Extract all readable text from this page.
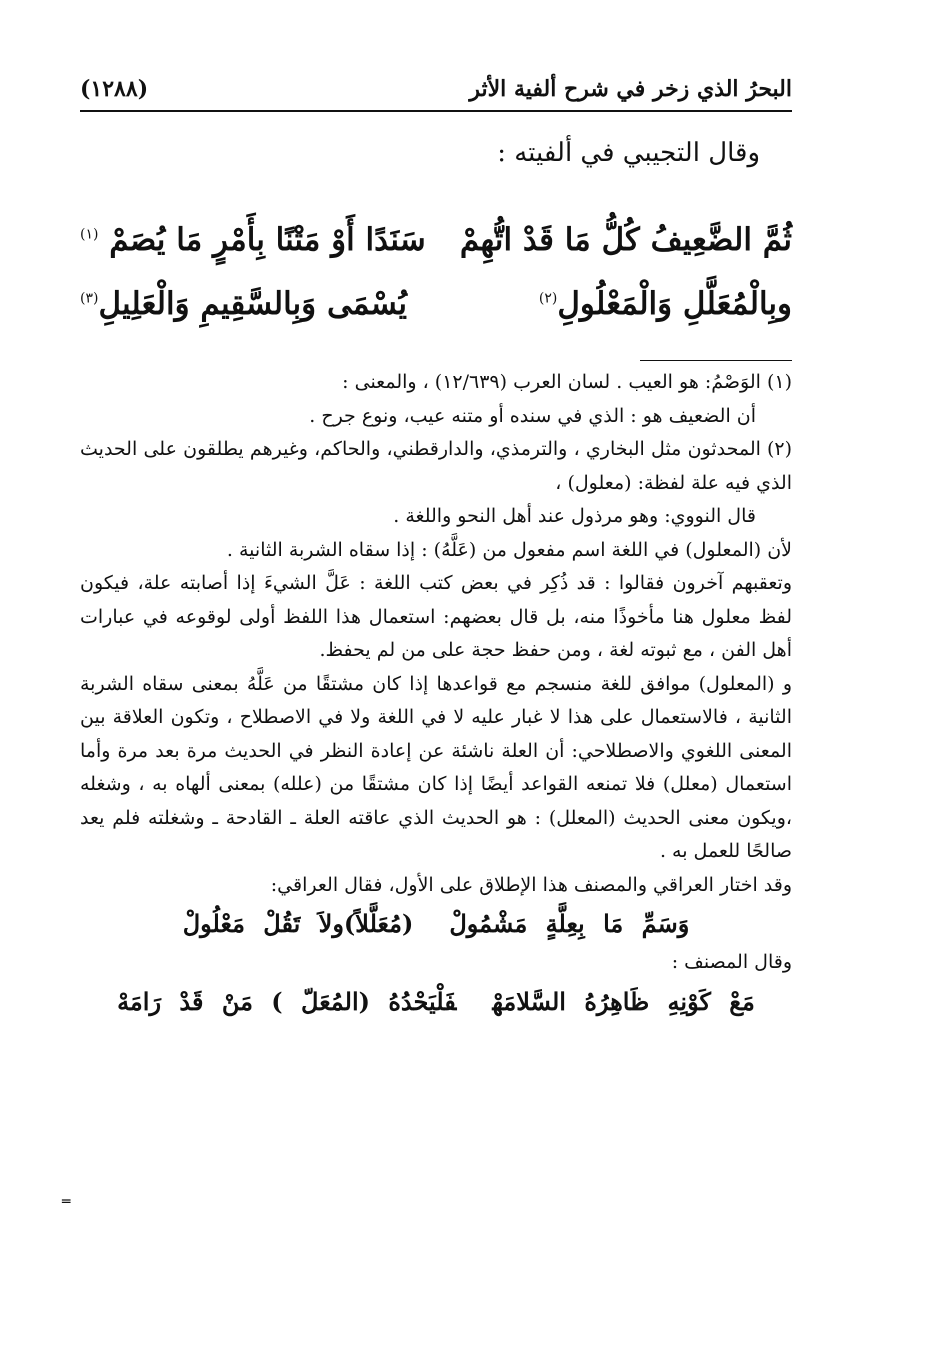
(١٢٨٨)	البحرُ الذي زخر في شرح ألفية الأثر
وقال التجيبي في ألفيته :
ثُمَّ الضَّعِيفُ كُلُّ مَا قَدْ اتُّهِمْ
سَنَدًا أَوْ مَتْنًا بِأَمْرٍ مَا يُصَمْ $^{(١)}$
وبِالْمُعَلَّلِ وَالْمَعْلُولِ$^{(٢)}$
يُسْمَى وَبِالسَّقِيمِ وَالْعَلِيلِ$^{(٣)}$

(١)الوَصْمُ: هو العيب . لسان العرب (١٢/٦٣٩) ، والمعنى :

أن الضعيف هو : الذي في سنده أو متنه عيب، ونوع جرح .

(٢)المحدثون مثل البخاري ، والترمذي، والدارقطني، والحاكم، وغيرهم يطلقون على الحديث الذي فيه علة لفظة: (معلول) ،

قال النووي: وهو مرذول عند أهل النحو واللغة .

لأن (المعلول) في اللغة اسم مفعول من (عَلَّهُ) : إذا سقاه الشربة الثانية .

وتعقبهم آخرون فقالوا : قد ذُكِر في بعض كتب اللغة : عَلَّ الشيءَ إذا أصابته علة، فيكون لفظ معلول هنا مأخوذًا منه، بل قال بعضهم: استعمال هذا اللفظ أولى لوقوعه في عبارات أهل الفن ، مع ثبوته لغة ، ومن حفظ حجة على من لم يحفظ.

و (المعلول) موافق للغة منسجم مع قواعدها إذا كان مشتقًا من عَلَّهُ بمعنى سقاه الشربة الثانية ، فالاستعمال على هذا لا غبار عليه لا في اللغة ولا في الاصطلاح ، وتكون العلاقة بين المعنى اللغوي والاصطلاحي: أن العلة ناشئة عن إعادة النظر في الحديث مرة بعد مرة وأما استعمال (معلل) فلا تمنعه القواعد أيضًا إذا كان مشتقًا من (علله) بمعنى ألهاه به ، وشغله ،ويكون معنى الحديث (المعلل) : هو الحديث الذي عاقته العلة ـ القادحة ـ وشغلته فلم يعد صالحًا للعمل به .

وقد اختار العراقي والمصنف هذا الإطلاق على الأول، فقال العراقي:

وَسَمِّ مَا بِعِلَّةٍ مَشْمُولْ(مُعَلَّلاً)ولاَ تَقُلْ مَعْلُولْ

وقال المصنف :

مَعْ كَوْنِهِ ظَاهِرُهُ السَّلامَهْفَلْيَحْدُهُ (المُعَلّ ) مَنْ قَدْ رَامَهْ

═
